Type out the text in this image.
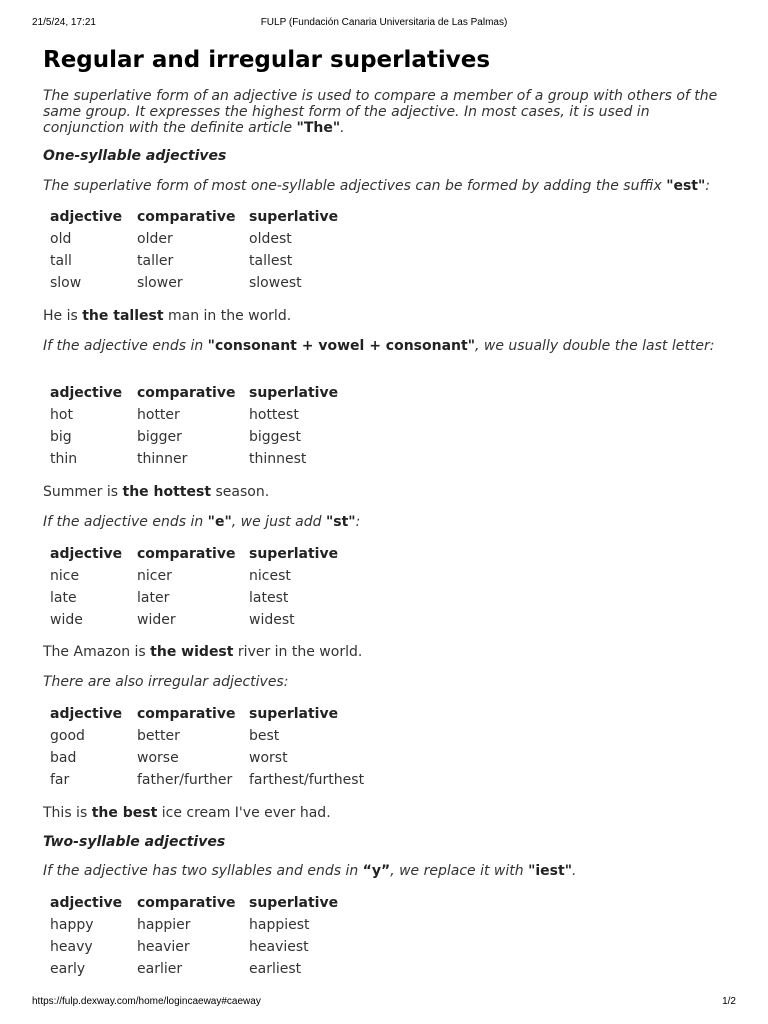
21/5/24, 17:21	FULP (Fundación Canaria Universitaria de Las Palmas)
Regular and irregular superlatives

The superlative form of an adjective is used to compare a member of a group with others of the same group. It expresses the highest form of the adjective. In most cases, it is used in conjunction with the definite article "The".

One-syllable adjectives

The superlative form of most one-syllable adjectives can be formed by adding the suffix "est":

adjective comparative superlative
old	older	oldest
tall	taller	tallest
slow	slower	slowest

He is the tallest man in the world.

If the adjective ends in "consonant + vowel + consonant", we usually double the last letter:

adjective comparative superlative
hot	hotter	hottest
big	bigger	biggest
thin	thinner	thinnest

Summer is the hottest season.

If the adjective ends in "e", we just add "st":

adjective comparative superlative
nice	nicer	nicest
late	later	latest
wide	wider	widest

The Amazon is the widest river in the world.

There are also irregular adjectives:

adjective comparative superlative
good	better	best
bad	worse	worst
far	father/further farthest/furthest

This is the best ice cream I've ever had.

Two-syllable adjectives

If the adjective has two syllables and ends in “y”, we replace it with "iest".

adjective comparative superlative
happy	happier	happiest
heavy	heavier	heaviest
early	earlier	earliest
https://fulp.dexway.com/home/logincaeway#caeway	1/2
